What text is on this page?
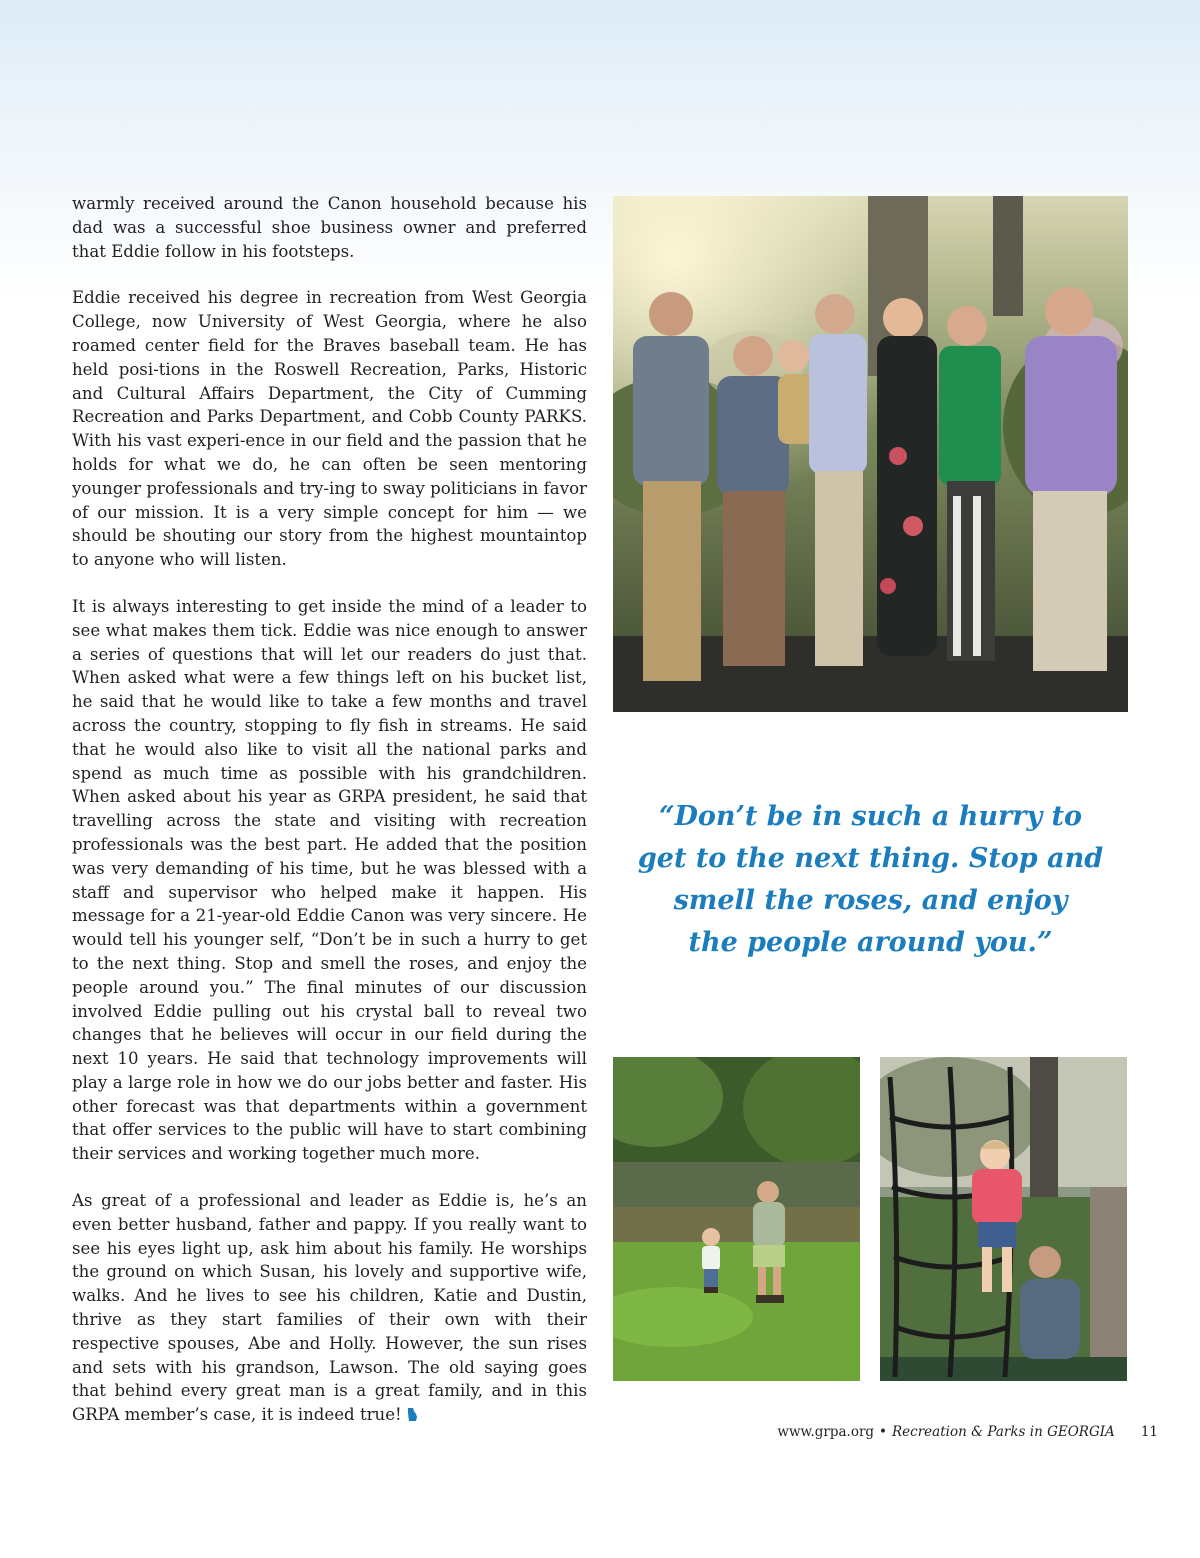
warmly received around the Canon household because his dad was a successful shoe business owner and preferred that Eddie follow in his footsteps.

Eddie received his degree in recreation from West Georgia College, now University of West Georgia, where he also roamed center field for the Braves baseball team. He has held posi-tions in the Roswell Recreation, Parks, Historic and Cultural Affairs Department, the City of Cumming Recreation and Parks Department, and Cobb County PARKS. With his vast experi-ence in our field and the passion that he holds for what we do, he can often be seen mentoring younger professionals and try-ing to sway politicians in favor of our mission. It is a very simple concept for him — we should be shouting our story from the highest mountaintop to anyone who will listen.

It is always interesting to get inside the mind of a leader to see what makes them tick. Eddie was nice enough to answer a series of questions that will let our readers do just that. When asked what were a few things left on his bucket list, he said that he would like to take a few months and travel across the country, stopping to fly fish in streams. He said that he would also like to visit all the national parks and spend as much time as possible with his grandchildren. When asked about his year as GRPA president, he said that travelling across the state and visiting with recreation professionals was the best part. He added that the position was very demanding of his time, but he was blessed with a staff and supervisor who helped make it happen. His message for a 21-year-old Eddie Canon was very sincere. He would tell his younger self, “Don’t be in such a hurry to get to the next thing. Stop and smell the roses, and enjoy the people around you.” The final minutes of our discussion involved Eddie pulling out his crystal ball to reveal two changes that he believes will occur in our field during the next 10 years. He said that technology improvements will play a large role in how we do our jobs better and faster. His other forecast was that departments within a government that offer services to the public will have to start combining their services and working together much more.

As great of a professional and leader as Eddie is, he’s an even better husband, father and pappy. If you really want to see his eyes light up, ask him about his family. He worships the ground on which Susan, his lovely and supportive wife, walks. And he lives to see his children, Katie and Dustin, thrive as they start families of their own with their respective spouses, Abe and Holly. However, the sun rises and sets with his grandson, Lawson. The old saying goes that behind every great man is a great family, and in this GRPA member’s case, it is indeed true!

“Don’t be in such a hurry to
get to the next thing. Stop and
smell the roses, and enjoy
the people around you.”
www.grpa.org • Recreation & Parks in GEORGIA 11
